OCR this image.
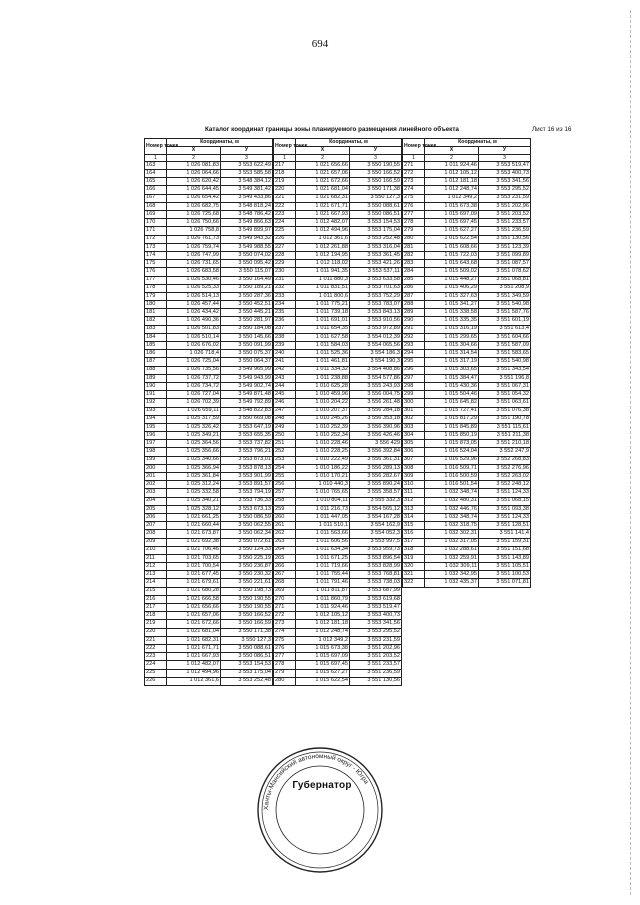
694
Каталог координат границы зоны планируемого размещения линейного объекта	Лист 16 из 16
Номер точек	Координаты, м	
	X	У
1	2	3
163	1 026 081,83	3 553 622,49
164	1 026 064,66	3 553 585,58
165	1 026 620,42	3 548 384,12
166	1 026 644,45	3 549 381,42
167	1 026 654,42	3 549 433,86
168	1 026 682,75	3 548 818,24
169	1 026 725,68	3 548 786,42
170	1 026 750,66	3 549 866,63
171	1 026 758,8	3 549 899,97
172	1 026 761,73	3 549 943,32
173	1 026 759,74	3 549 988,55
174	1 026 747,99	3 550 074,02
175	1 026 731,65	3 550 095,42
176	1 026 683,58	3 550 115,07
177	1 026 530,46	3 550 164,49
178	1 026 525,33	3 550 189,21
179	1 026 514,13	3 550 287,36
180	1 026 457,44	3 550 452,51
181	1 026 434,42	3 550 445,21
182	1 026 490,36	3 550 281,97
183	1 026 501,83	3 550 184,08
184	1 026 510,14	3 550 145,66
185	1 026 676,02	3 550 091,99
186	1 026 718,4	3 550 075,37
187	1 026 725,04	3 550 064,37
188	1 026 735,56	3 549 965,99
189	1 026 737,72	3 549 943,99
190	1 026 734,72	3 549 902,74
191	1 026 727,04	3 549 871,48
192	1 026 702,39	3 549 792,89
193	1 026 659,11	3 548 822,83
194	1 025 317,59	3 550 669,08
195	1 025 326,42	3 553 647,19
196	1 025 349,21	3 553 655,35
197	1 025 364,56	3 553 737,82
198	1 025 356,66	3 553 796,21
199	1 025 340,66	3 553 873,01
200	1 025 366,94	3 553 878,13
201	1 025 361,84	3 553 901,99
202	1 025 312,24	3 553 891,57
203	1 025 332,58	3 553 794,19
204	1 025 340,21	3 553 736,33
205	1 025 328,12	3 553 673,13
206	1 021 661,25	3 550 086,59
207	1 021 660,44	3 550 062,55
208	1 021 673,87	3 550 062,34
209	1 021 692,38	3 550 072,61
210	1 021 706,46	3 550 124,33
211	1 021 703,65	3 550 225,19
212	1 021 700,54	3 550 236,87
213	1 021 677,45	3 550 230,32
214	1 021 679,61	3 550 221,61
215	1 021 680,28	3 550 198,73
216	1 021 666,58	3 550 190,55
217	1 021 656,66	3 550 190,55
218	1 021 657,06	3 550 166,52
219	1 021 672,66	3 550 166,59
220	1 021 681,04	3 550 171,38
221	1 021 682,31	3 550 127,3
222	1 021 671,71	3 550 088,61
223	1 021 667,93	3 550 086,51
224	1 012 482,07	3 553 154,53
225	1 012 494,96	3 553 175,04
226	1 012 361,6	3 553 252,48
Номер точек	Координаты, м	
	X	У
1	2	3
217	1 021 656,66	3 550 190,55
218	1 021 657,06	3 550 166,52
219	1 021 672,66	3 550 166,59
220	1 021 681,04	3 550 171,38
221	1 021 682,31	3 550 127,3
222	1 021 671,71	3 550 088,61
223	1 021 667,93	3 550 086,51
224	1 012 482,07	3 553 154,53
225	1 012 494,96	3 553 175,04
226	1 012 361,6	3 553 252,48
227	1 012 261,88	3 553 316,04
228	1 012 194,95	3 553 361,45
229	1 012 118,02	3 553 421,26
230	1 011 941,35	3 553 537,11
231	1 011 880,3	3 553 633,58
232	1 011 831,51	3 553 701,63
233	1 011 800,6	3 553 752,29
234	1 011 775,21	3 553 783,07
235	1 011 739,18	3 553 843,13
236	1 011 691,01	3 553 910,56
237	1 011 654,35	3 553 972,89
238	1 011 627,58	3 554 012,39
239	1 011 584,03	3 554 065,56
240	1 011 525,36	3 554 186,3
241	1 011 461,81	3 554 190,3
242	1 011 334,32	3 554 408,86
243	1 011 238,88	3 554 577,86
244	1 010 625,28	3 555 243,93
245	1 010 459,96	3 556 004,75
246	1 010 204,22	3 556 261,48
247	1 010 207,37	3 556 284,18
248	1 010 245,26	3 556 353,18
249	1 010 252,39	3 556 390,96
250	1 010 252,34	3 556 426,46
251	1 010 228,46	3 556 429
252	1 010 228,25	3 556 392,84
253	1 010 222,49	3 556 361,31
254	1 010 186,22	3 556 289,13
255	1 010 170,21	3 556 282,67
256	1 010 440,3	3 555 890,24
257	1 010 765,65	3 555 358,57
258	1 010 804,11	3 555 332,3
259	1 011 216,73	3 554 565,12
260	1 011 447,05	3 554 167,28
261	1 011 510,1	3 554 162,9
262	1 011 563,66	3 554 052,3
263	1 011 606,56	3 553 997,5
264	1 011 634,34	3 553 959,73
265	1 011 671,25	3 553 896,54
266	1 011 719,66	3 553 828,99
267	1 011 755,44	3 553 768,81
268	1 011 791,46	3 553 738,03
269	1 011 811,87	3 553 687,99
270	1 011 860,79	3 553 619,68
271	1 011 924,46	3 553 519,47
272	1 012 105,12	3 553 400,73
273	1 012 181,18	3 553 341,56
274	1 012 248,74	3 553 295,52
275	1 012 349,2	3 553 231,59
276	1 015 673,38	3 551 202,96
277	1 015 697,09	3 551 203,52
278	1 015 697,45	3 551 233,57
279	1 015 627,27	3 551 236,59
280	1 015 622,54	3 551 130,56
Номер точек	Координаты, м	
	X	У
1	2	3
271	1 011 924,46	3 553 519,47
272	1 012 105,12	3 553 400,73
273	1 012 181,18	3 553 341,56
274	1 012 248,74	3 553 295,52
275	1 012 349,2	3 553 231,59
276	1 015 673,38	3 551 202,96
277	1 015 697,09	3 551 203,52
278	1 015 697,45	3 551 233,57
279	1 015 627,27	3 551 236,59
280	1 015 622,54	3 551 130,56
281	1 015 608,66	3 551 123,39
282	1 015 722,03	3 551 099,89
283	1 015 643,68	3 551 087,57
284	1 015 509,02	3 551 078,62
285	1 015 448,27	3 551 068,81
286	1 015 406,29	3 551 208,9
287	1 015 327,63	3 551 349,59
288	1 015 341,27	3 551 540,98
289	1 015 338,58	3 551 587,76
290	1 015 335,35	3 551 601,19
291	1 015 316,19	3 551 613,4
292	1 015 299,65	3 551 604,66
293	1 015 304,66	3 551 587,09
294	1 015 314,54	3 551 583,65
295	1 015 317,19	3 551 540,98
296	1 015 303,65	3 551 343,54
297	1 015 384,47	3 551 196,8
298	1 015 430,36	3 551 067,31
299	1 015 504,46	3 551 054,32
300	1 015 645,82	3 551 063,61
301	1 015 727,41	3 551 076,38
302	1 015 817,29	3 551 190,78
303	1 015 845,89	3 551 115,61
304	1 015 850,19	3 551 211,38
305	1 015 873,05	3 551 210,18
306	1 016 524,04	3 552 247,9
307	1 016 529,96	3 552 268,83
308	1 016 509,71	3 552 276,96
309	1 016 500,59	3 552 263,02
310	1 016 501,54	3 552 248,12
311	1 032 348,74	3 551 124,33
312	1 032 480,31	3 551 068,15
313	1 032 446,76	3 551 093,38
314	1 032 348,74	3 551 124,33
315	1 032 318,75	3 551 128,51
316	1 032 302,31	3 551 141,4
317	1 032 317,05	3 551 159,31
318	1 032 288,61	3 551 151,68
319	1 032 259,91	3 551 143,89
320	1 032 309,11	3 551 105,51
321	1 032 342,95	3 551 100,53
322	1 032 435,37	3 551 071,81
Ханты-Мансийский автономный округ - Югра
Губернатор
